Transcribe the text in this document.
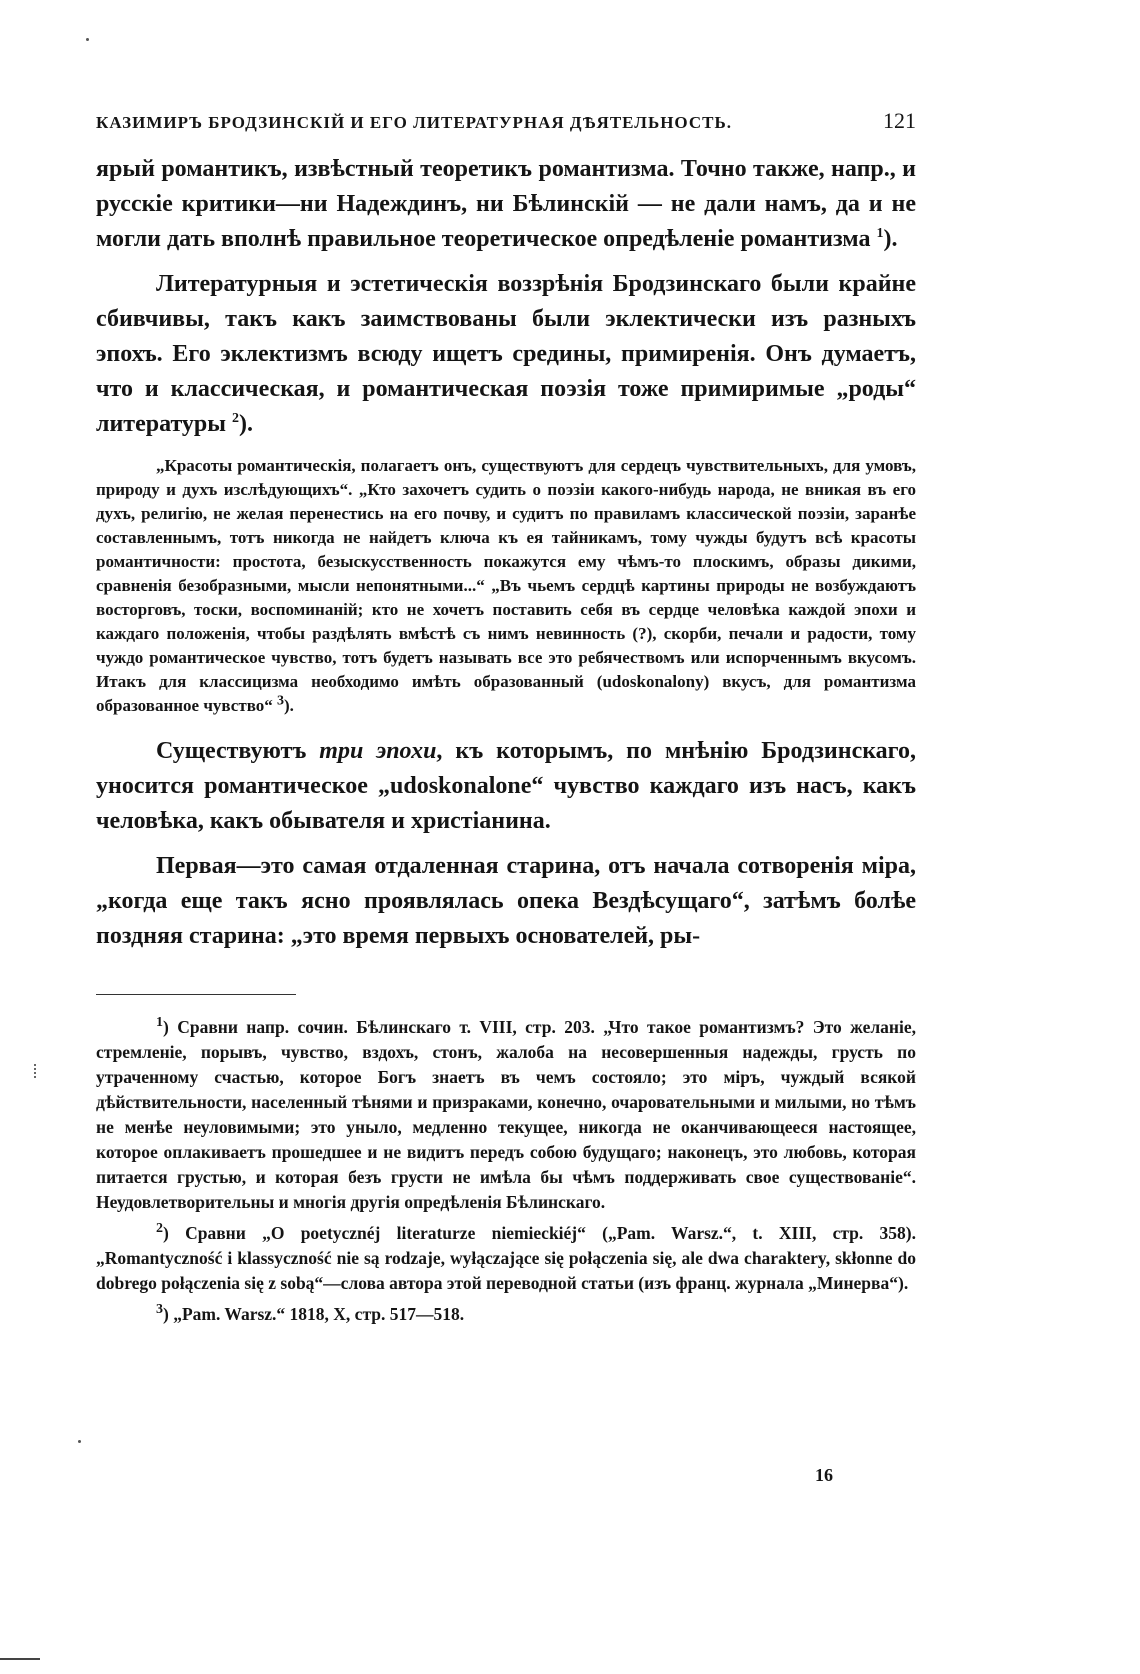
КАЗИМИРЪ БРОДЗИНСКІЙ И ЕГО ЛИТЕРАТУРНАЯ ДѢЯТЕЛЬНОСТЬ.	121

ярый романтикъ, извѣстный теоретикъ романтизма. Точно также, напр., и русскіе критики—ни Надеждинъ, ни Бѣлинскій — не дали намъ, да и не могли дать вполнѣ правильное теоретическое опредѣленіе романтизма $^1$).

Литературныя и эстетическія воззрѣнія Бродзинскаго были крайне сбивчивы, такъ какъ заимствованы были эклектически изъ разныхъ эпохъ. Его эклектизмъ всюду ищетъ средины, примиренія. Онъ думаетъ, что и классическая, и романтическая поэзія тоже примиримые „роды“ литературы $^2$).

„Красоты романтическія, полагаетъ онъ, существуютъ для сердецъ чувствительныхъ, для умовъ, природу и духъ изслѣдующихъ“. „Кто захочетъ судить о поэзіи какого-нибудь народа, не вникая въ его духъ, религію, не желая перенестись на его почву, и судитъ по правиламъ классической поэзіи, заранѣе составленнымъ, тотъ никогда не найдетъ ключа къ ея тайникамъ, тому чужды будутъ всѣ красоты романтичности: простота, безыскусственность покажутся ему чѣмъ-то плоскимъ, образы дикими, сравненія безобразными, мысли непонятными...“ „Въ чьемъ сердцѣ картины природы не возбуждаютъ восторговъ, тоски, воспоминаній; кто не хочетъ поставить себя въ сердце человѣка каждой эпохи и каждаго положенія, чтобы раздѣлять вмѣстѣ съ нимъ невинность (?), скорби, печали и радости, тому чуждо романтическое чувство, тотъ будетъ называть все это ребячествомъ или испорченнымъ вкусомъ. Итакъ для классицизма необходимо имѣть образованный (udoskonalony) вкусъ, для романтизма образованное чувство“ $^3$).

Существуютъ три эпохи, къ которымъ, по мнѣнію Бродзинскаго, уносится романтическое „udoskonalone“ чувство каждаго изъ насъ, какъ человѣка, какъ обывателя и христіанина.

Первая—это самая отдаленная старина, отъ начала сотворенія міра, „когда еще такъ ясно проявлялась опека Вездѣсущаго“, затѣмъ болѣе поздняя старина: „это время первыхъ основателей, ры-

$^1$) Сравни напр. сочин. Бѣлинскаго т. VIII, стр. 203. „Что такое романтизмъ? Это желаніе, стремленіе, порывъ, чувство, вздохъ, стонъ, жалоба на несовершенныя надежды, грусть по утраченному счастью, которое Богъ знаетъ въ чемъ состояло; это міръ, чуждый всякой дѣйствительности, населенный тѣнями и призраками, конечно, очаровательными и милыми, но тѣмъ не менѣе неуловимыми; это уныло, медленно текущее, никогда не оканчивающееся настоящее, которое оплакиваетъ прошедшее и не видитъ передъ собою будущаго; наконецъ, это любовь, которая питается грустью, и которая безъ грусти не имѣла бы чѣмъ поддерживать свое существованіе“. Неудовлетворительны и многія другія опредѣленія Бѣлинскаго.

$^2$) Сравни „O poetycznéj literaturze niemieckiéj“ („Pam. Warsz.“, t. XIII, стр. 358). „Romantyczność i klassyczność nie są rodzaje, wyłączające się połączenia się, ale dwa charaktery, skłonne do dobrego połączenia się z sobą“—слова автора этой переводной статьи (изъ франц. журнала „Минерва“).

$^3$) „Pam. Warsz.“ 1818, X, стр. 517—518.

16
